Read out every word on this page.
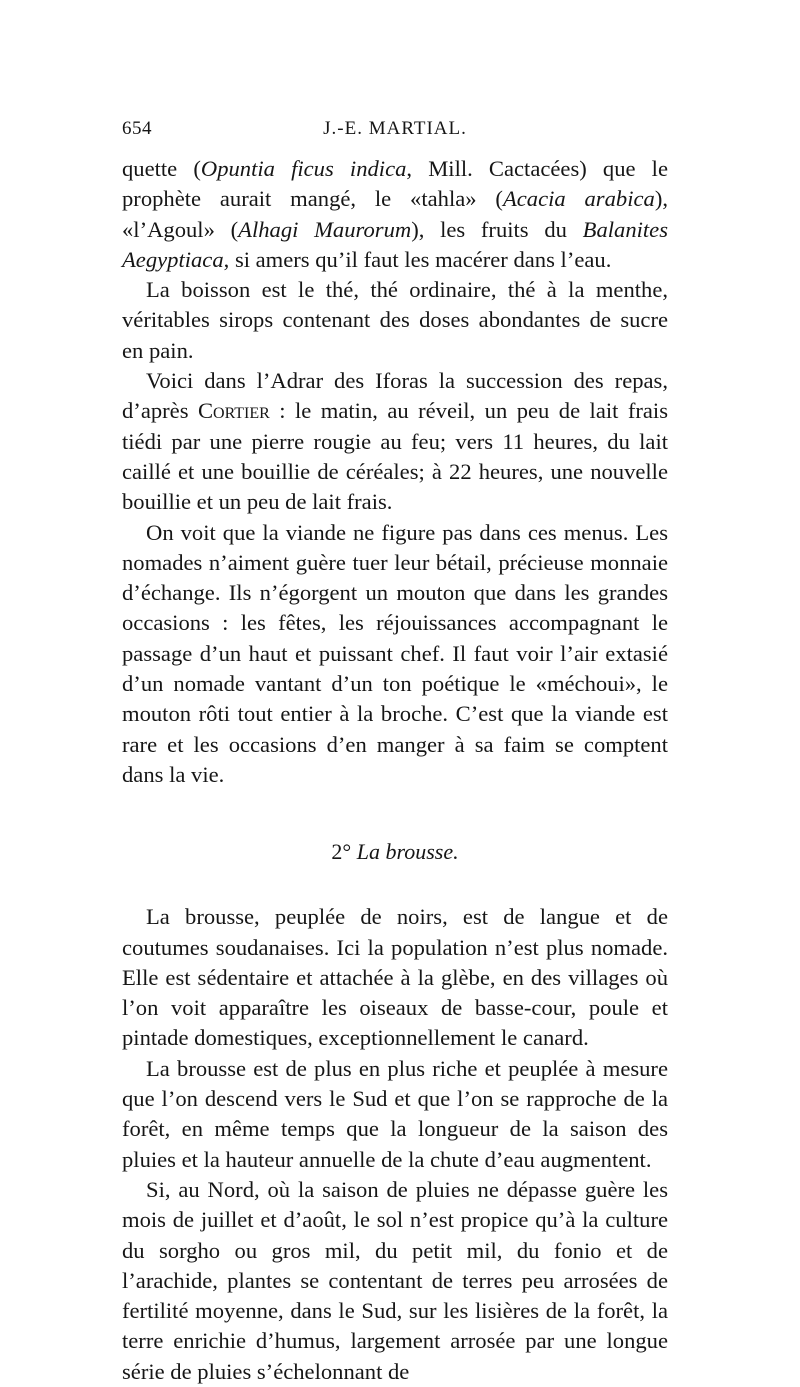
654	J.-E. MARTIAL.

quette (Opuntia ficus indica, Mill. Cactacées) que le prophète aurait mangé, le «tahla» (Acacia arabica), «l’Agoul» (Alhagi Maurorum), les fruits du Balanites Aegyptiaca, si amers qu’il faut les macérer dans l’eau.

La boisson est le thé, thé ordinaire, thé à la menthe, véritables sirops contenant des doses abondantes de sucre en pain.

Voici dans l’Adrar des Iforas la succession des repas, d’après Cortier : le matin, au réveil, un peu de lait frais tiédi par une pierre rougie au feu; vers 11 heures, du lait caillé et une bouillie de céréales; à 22 heures, une nouvelle bouillie et un peu de lait frais.

On voit que la viande ne figure pas dans ces menus. Les nomades n’aiment guère tuer leur bétail, précieuse monnaie d’échange. Ils n’égorgent un mouton que dans les grandes occasions : les fêtes, les réjouissances accompagnant le passage d’un haut et puissant chef. Il faut voir l’air extasié d’un nomade vantant d’un ton poétique le «méchoui», le mouton rôti tout entier à la broche. C’est que la viande est rare et les occasions d’en manger à sa faim se comptent dans la vie.

2° La brousse.

La brousse, peuplée de noirs, est de langue et de coutumes soudanaises. Ici la population n’est plus nomade. Elle est sédentaire et attachée à la glèbe, en des villages où l’on voit apparaître les oiseaux de basse-cour, poule et pintade domestiques, exceptionnellement le canard.

La brousse est de plus en plus riche et peuplée à mesure que l’on descend vers le Sud et que l’on se rapproche de la forêt, en même temps que la longueur de la saison des pluies et la hauteur annuelle de la chute d’eau augmentent.

Si, au Nord, où la saison de pluies ne dépasse guère les mois de juillet et d’août, le sol n’est propice qu’à la culture du sorgho ou gros mil, du petit mil, du fonio et de l’arachide, plantes se contentant de terres peu arrosées de fertilité moyenne, dans le Sud, sur les lisières de la forêt, la terre enrichie d’humus, largement arrosée par une longue série de pluies s’échelonnant de
